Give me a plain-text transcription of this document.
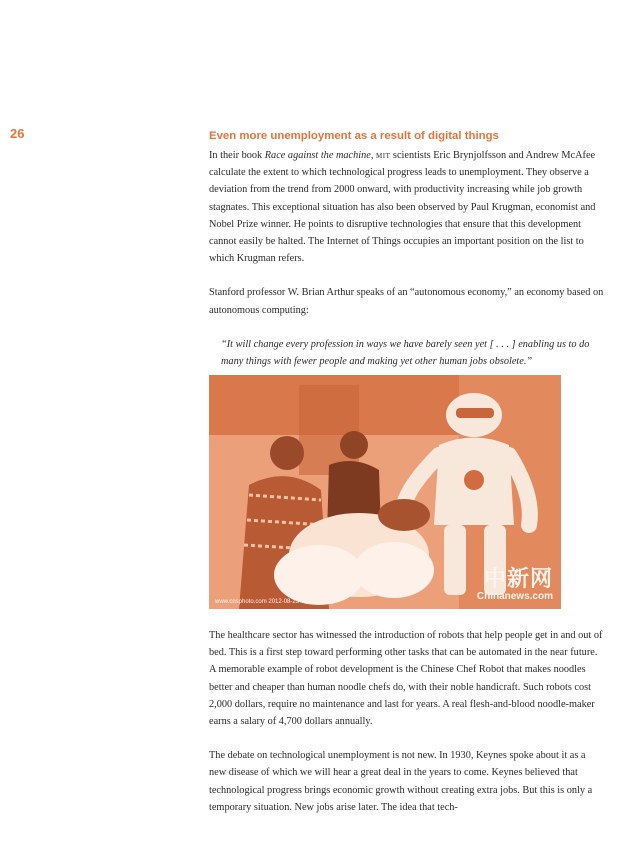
26	Even more unemployment as a result of digital things

In their book Race against the machine, mit scientists Eric Brynjolfsson and Andrew McAfee calculate the extent to which technological progress leads to unemployment. They observe a deviation from the trend from 2000 onward, with productivity increasing while job growth stagnates. This exceptional situation has also been observed by Paul Krugman, economist and Nobel Prize winner. He points to disruptive technologies that ensure that this development cannot easily be halted. The Internet of Things occupies an important position on the list to which Krugman refers.

Stanford professor W. Brian Arthur speaks of an “autonomous economy,” an economy based on autonomous computing:

“It will change every profession in ways we have barely seen yet [ . . . ] enabling us to do many things with fewer people and making yet other human jobs obsolete.”

中新网
Chinanews.com
www.cnsphoto.com 2012-08-23

The healthcare sector has witnessed the introduction of robots that help people get in and out of bed. This is a first step toward performing other tasks that can be automated in the near future. A memorable example of robot development is the Chinese Chef Robot that makes noodles better and cheaper than human noodle chefs do, with their noble handicraft. Such robots cost 2,000 dollars, require no maintenance and last for years. A real flesh-and-blood noodle-maker earns a salary of 4,700 dollars annually.

The debate on technological unemployment is not new. In 1930, Keynes spoke about it as a new disease of which we will hear a great deal in the years to come. Keynes believed that technological progress brings economic growth without creating extra jobs. But this is only a temporary situation. New jobs arise later. The idea that tech-
